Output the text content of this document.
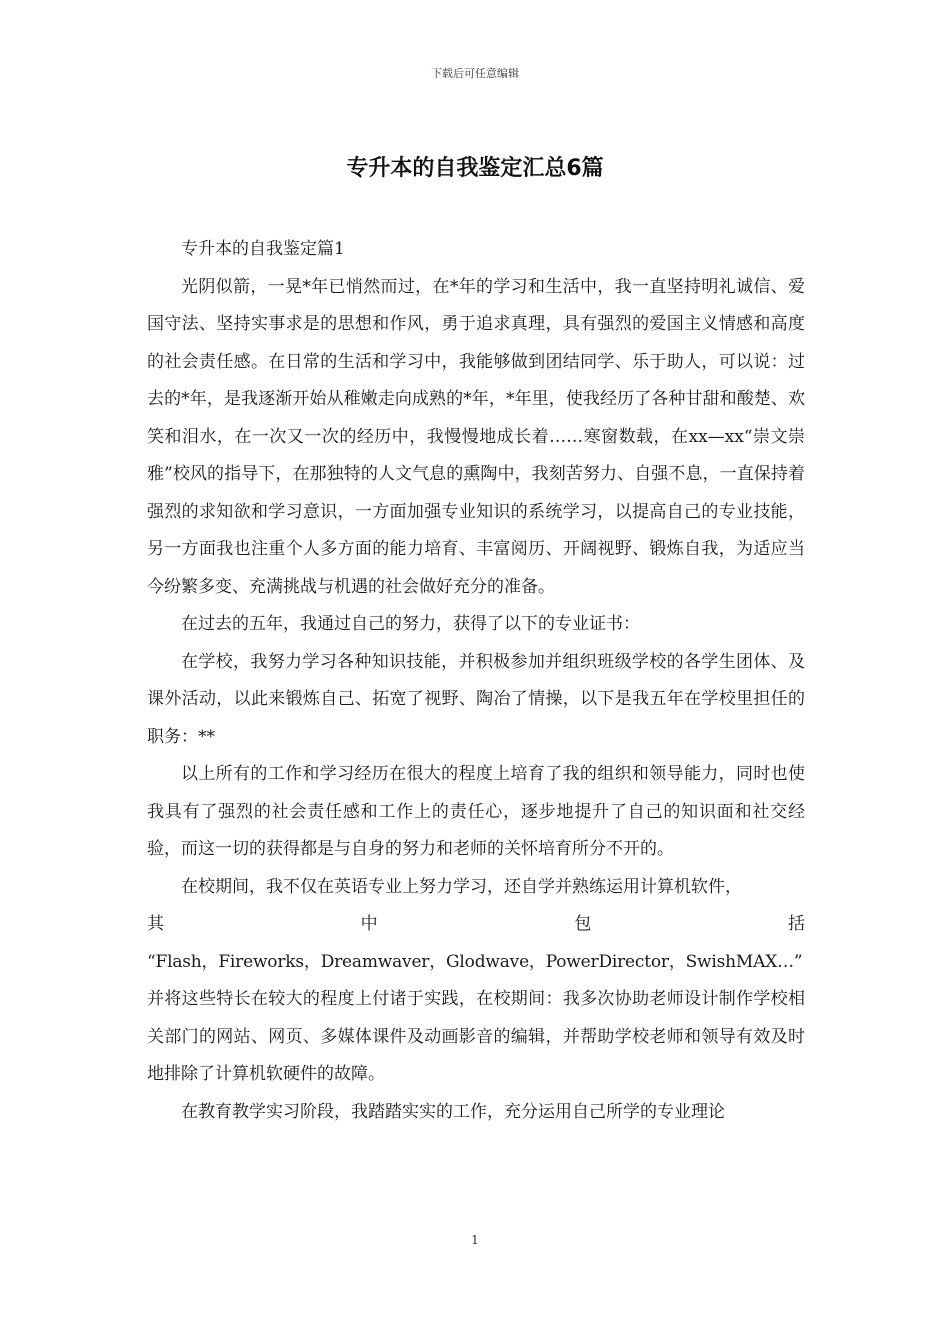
下载后可任意编辑
专升本的自我鉴定汇总6篇

专升本的自我鉴定篇1

光阴似箭，一晃*年已悄然而过，在*年的学习和生活中，我一直坚持明礼诚信、爱国守法、坚持实事求是的思想和作风，勇于追求真理，具有强烈的爱国主义情感和高度的社会责任感。在日常的生活和学习中，我能够做到团结同学、乐于助人，可以说：过去的*年，是我逐渐开始从稚嫩走向成熟的*年，*年里，使我经历了各种甘甜和酸楚、欢笑和泪水，在一次又一次的经历中，我慢慢地成长着……寒窗数载，在xx—xx“崇文崇雅”校风的指导下，在那独特的人文气息的熏陶中，我刻苦努力、自强不息，一直保持着强烈的求知欲和学习意识，一方面加强专业知识的系统学习，以提高自己的专业技能，另一方面我也注重个人多方面的能力培育、丰富阅历、开阔视野、锻炼自我，为适应当今纷繁多变、充满挑战与机遇的社会做好充分的准备。

在过去的五年，我通过自己的努力，获得了以下的专业证书：

在学校，我努力学习各种知识技能，并积极参加并组织班级学校的各学生团体、及课外活动，以此来锻炼自己、拓宽了视野、陶冶了情操，以下是我五年在学校里担任的职务：**

以上所有的工作和学习经历在很大的程度上培育了我的组织和领导能力，同时也使我具有了强烈的社会责任感和工作上的责任心，逐步地提升了自己的知识面和社交经验，而这一切的获得都是与自身的努力和老师的关怀培育所分不开的。

在校期间，我不仅在英语专业上努力学习，还自学并熟练运用计算机软件，

其中包括

“Flash，Fireworks，Dreamwaver，Glodwave，PowerDirector，SwishMAX…”

并将这些特长在较大的程度上付诸于实践，在校期间：我多次协助老师设计制作学校相关部门的网站、网页、多媒体课件及动画影音的编辑，并帮助学校老师和领导有效及时地排除了计算机软硬件的故障。

在教育教学实习阶段，我踏踏实实的工作，充分运用自己所学的专业理论

1
